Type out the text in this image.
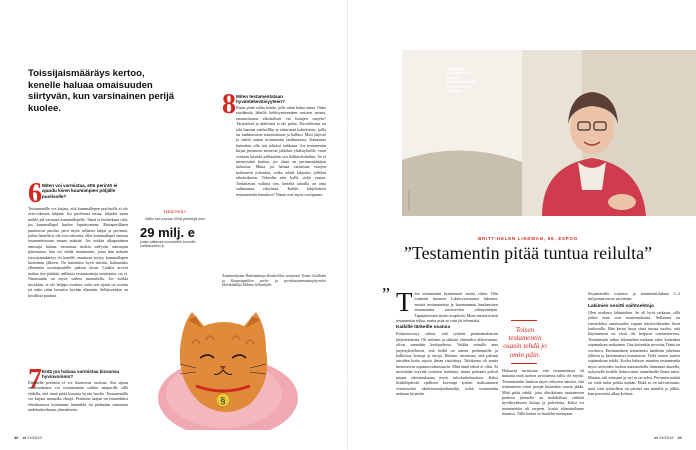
Toissijaismääräys kertoo, kenelle haluaa omaisuuden siirtyvän, kun varsinainen perijä kuolee.
6 Miten voi varmistaa, että perintö ei ajaudu kiven kuumimpien pöljälle puolisolle?
Testamentille voi kirjata, että kummallepen puolisolla ei ole avio-oikeutta lahjaan. Jos puolisona ensaa, lahjaksi saatu mökki jää varmasti kummallepelle. Tämä ei kuitenkaan riitä, jos kummallapel kuolee lapsettomana. Rintaperillinen puuttuessa puoliso perii myös sellaiset lahjat ja perinnöt, joihin hänellä ei ole avio-oikeutta, ellei kummallapel omassa testamentissaan muuta määrää. Jos mökin alkuperäinen omistaja haluaa varmistaa mökin säilyvän omistajan pääomassa, hän voi tehdä testamentin, jossa hän määrää toissijaismääräys eli kenelle omaisuus siirtyy kummallapen kuoleman jälkeen. On kuitenkin hyvä miettiä, halutaanko ylhemnäa tuoistajuudelle pääsen aivan. Lisäksi arvetti mahaa itse päättää, millaisia testamentteja omistautta vai ei. Omaisuutta on myös vaikea suunnitella. Jos mökki myydään, ei ole helppo osoittaa, mitä sen sijaan on ostettu tai onko rahat hassattu hyvään elämään. Sellaiseenkin on lavallista puuttua.
7 Entä jos haluaa varmistaa kissansa hyvinvoinnin?
Eläimelle perintöä ei voi Suomessa osoittaa. Sen sijaan omaisuuttansa voi testamentata vaikka naapurille sillä ehdolla, että tämä pitää kissasta hyvää huolta. Testamentilla voi kirjata mainaiko ehtoja. Perinnön saajan on esimerkiksi ehtoduurasra hoitamaan lemmikki tai pitämään saamansa taideluokoelmiаn yhtenäisenä.
8 Miten testamentataan hyväntekeväisyyteen?
Ensin pitää valita kohde, jolle rahat halua antaa. Onko esydämitä lähellä kehittymisemäen naisten asema, asunnottomat alkoholistit vai lintujen suojelu? Tärjestöstä ja säätiöistä ei ole pulaa. Torvaltiisista on toki hanttaa vanhoilllin ja vakaransä kohteistoin, joilla on vankkavaiset toimintatavat ja hallitto. Mutt järjestö ja säätiö auttaa testamentin laadintaassa. Kannattaa kuitenkin olla sitä tehtävä tarkkana. Jos testamentin kirjaa perintoon menevät jolkekin yhdistykselle, varat voidaan käyttää pelkästään sen hallintokuluihin. Se ei mientysänä haittaa, jos tämä on perinnonjättäjän tarkoitus. Mutta jos haluaa varmistaa varojen kohteneen johonkin, voiko tehdä lahjoitus jollekin rahoitukseen. Tekiedin niin kyllä sieltä vastaa. Tiedattavan vailinta sen, keneltä tahoilla on oma valintaansa vahvistaa. Kaikki lahjoitukset testamenttiin haiudava? Nämä ovat myös avulipanee.
TIESITKÖ?
Valtio sai vuonna 2018 perintöjä noin
29 milj. e
joista valtaosa luovutettiin kunnille, valtiokonttori jt.
Asiantuntijoina Henkimaksoja Kaskuolilon varajumel Tuomo Lindholm ja Kaspaoppalilon perhe- ja perintöasianmuuttojärjestöni Heinikilahtija Hiltimo Selhenkyltö.
§
40 et 24/2019
Britt-Helen Lindman teki toisen testamentin, kun elämäntilanne muuttui.
TIMO KAUPPILA
BRITT-HELEN LINDMAN, 69, ESPOO
”Testamentin pitää tuntua reilulta”
” T ein testamentin kymmenen vuotta sitten. Olin toimiani huomen Lahettysseurassa lukemat: entistä testamentteja ja huomammut kuukausiten testamentita tarvitsevien ydintyöntäjän. Tapauksestani täysin asaplistia. Moni meistä mietti testamentin tekoa, mutta asiat se vain jäi tekemättä.
Kaikille tärkeille osansa
Poikasiruvuyy siihen, että tyttärin perintämahaisäti järjestettäisiin. Oli mitinen ja rakkain yhteiseksi alikuvuesna, olivat mennään keskuudessa. Vaikka minulla aina järjestyksellisesti, että heillä on omien perikunnille ja kallioissa kotsuja ja taroja. Halusin varmistaa, että palstan asioiden hoito sujuisi ilman ristiriitoja. Tuloksena oli mutta hienoseivin sopimusvalmistuwin. Mitä tämä teksti ei ollut. Ei myöskään myytää tyttärien lauluttua, mutta perinnöt pitivät minun oikeamukaana myös tuloslaskelmoinoa. Kaksi henkilöpäivää opillisen kovempi tyttöni maksaminen veronvuoksi aktiivitoimijaelännöljä, mikä testamentin mukaan kirjattiin.
Toisen testamentin osasin tehdä jo omin päin.
Haluavin varmistaa, että testamentissa oli mukana mitä tuohon sovittaessa tulisi ole myötä. Testamenttiin lisättiin myös erikseen sanottu, että testamentin toiset perijät kuitenkin saavat jäädä. Mitä pitää tehdä, jotta elinikäinen tuottamisen perheen jäsenelle on mahdollista välittää hyväksyäkseen kuluja ja palveluita. Kaksi eri testamenttia oli tarpeen, koska elämäntilanne muuttui. Tällä kertaa se huolehti tuottajaan.
Serjantavalle toisensa ja testamenttiluknia 1–2 miljoonaa euroa varoittain.
Lakimies osoitti vaihtoehtoja
Olen avukessi lakimiehen. Se oli hyvä ratkaisu, sillä jotkin asiat ovat monimutkaisia. Sellainen on esimerkiksi omaisuuden vapaan käyttöoikeuden luvut lonkosalla. Hän kertoi luoja siinä tuossa vuoksi, että käytännössä ne eivät ole helposti toteutettavissa. Testamentin tultua lakimiehen mukaan tulee kuitenkin sopimuksen mukainen. Osa kuitenkin arvostaa Tämä on sovittava. Ensimmäinen testamentti laadittiin jakeluun jälkeen ja kertomukset muuttuivat. Vielä toinen saattoi sopimuksen tehdä. Koska halusin muuttaa testamenttia myös arvioiden tuohon maaseudulla, hiimanna alueella, nykyiselle kesälle lisäarvoisen tunnelmalle ilman tuloa. Muutos tuli voimaan ja nyt se on selvä. Perinnön määrä on vielä turha pohtia mitään. Ehkä se on tulevaisuutta, mitä vain tyttärilleni on perinyt saa minulle ja jälkiä, kun perintöni alkaa kohtasi.
et 24/2019 41
